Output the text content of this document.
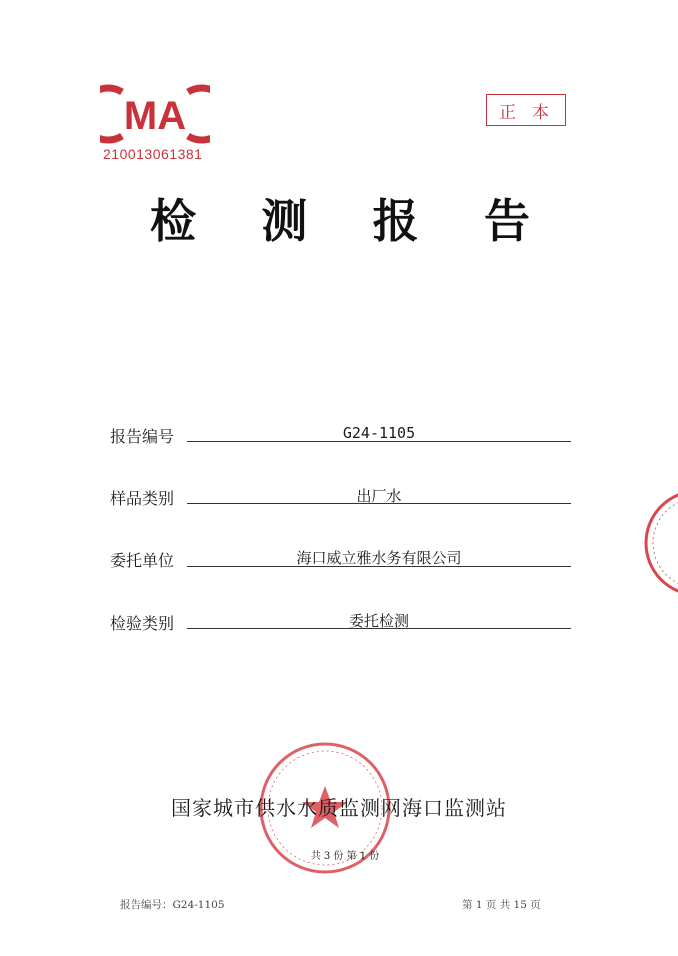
MA
210013061381
正本
检 测 报 告
报告编号	G24-1105
样品类别	出厂水
委托单位	海口威立雅水务有限公司
检验类别	委托检测
国家城市供水水质监测网海口监测站
共 3 份 第 1 份
报告编号：G24-1105	第 1 页 共 15 页
